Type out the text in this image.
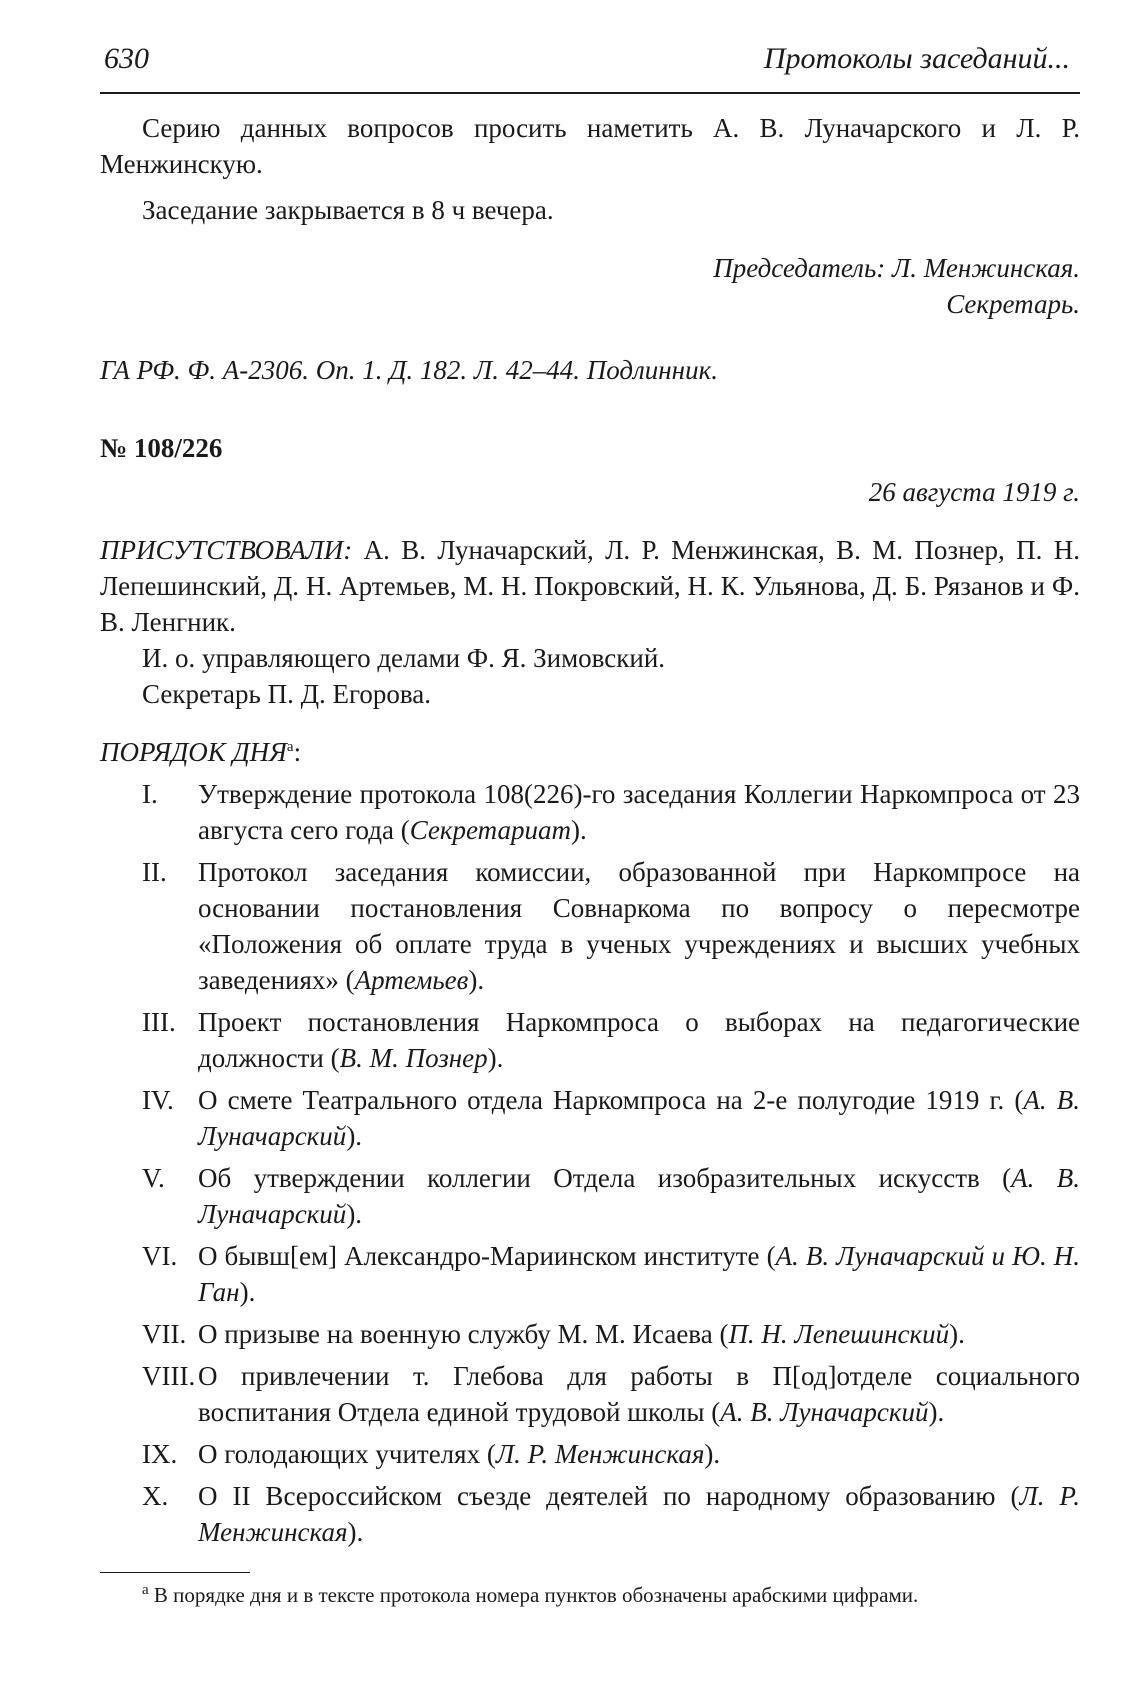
630	Протоколы заседаний...

Серию данных вопросов просить наметить А. В. Луначарского и Л. Р. Менжинскую.

Заседание закрывается в 8 ч вечера.

Председатель: Л. Менжинская.

Секретарь.

ГА РФ. Ф. А-2306. Оп. 1. Д. 182. Л. 42–44. Подлинник.

№ 108/226

26 августа 1919 г.

ПРИСУТСТВОВАЛИ: А. В. Луначарский, Л. Р. Менжинская, В. М. Познер, П. Н. Лепешинский, Д. Н. Артемьев, М. Н. Покровский, Н. К. Ульянова, Д. Б. Рязанов и Ф. В. Ленгник.

И. о. управляющего делами Ф. Я. Зимовский.

Секретарь П. Д. Егорова.

ПОРЯДОК $ДНЯ^а$:

I.	Утверждение протокола 108(226)-го заседания Коллегии Наркомпроса от 23 августа сего года (Секретариат).
II.	Протокол заседания комиссии, образованной при Наркомпросе на основании постановления Совнаркома по вопросу о пересмотре «Положения об оплате труда в ученых учреждениях и высших учебных заведениях» (Артемьев).
III. Проект постановления Наркомпроса о выборах на педагогические должности (В. М. Познер).
IV. О смете Театрального отдела Наркомпроса на 2-е полугодие 1919 г. (А. В. Луначарский).
V.	Об утверждении коллегии Отдела изобразительных искусств (А. В. Луначарский).
VI. О бывш[ем] Александро-Мариинском институте (А. В. Луначарский и Ю. Н. Ган).
VII. О призыве на военную службу М. М. Исаева (П. Н. Лепешинский).
VIII. О привлечении т. Глебова для работы в П[од]отделе социального воспитания Отдела единой трудовой школы (А. В. Луначарский).
IX. О голодающих учителях (Л. Р. Менжинская).
X.	О II Всероссийском съезде деятелей по народному образованию (Л. Р. Менжинская).

$^а$ В порядке дня и в тексте протокола номера пунктов обозначены арабскими цифрами.
